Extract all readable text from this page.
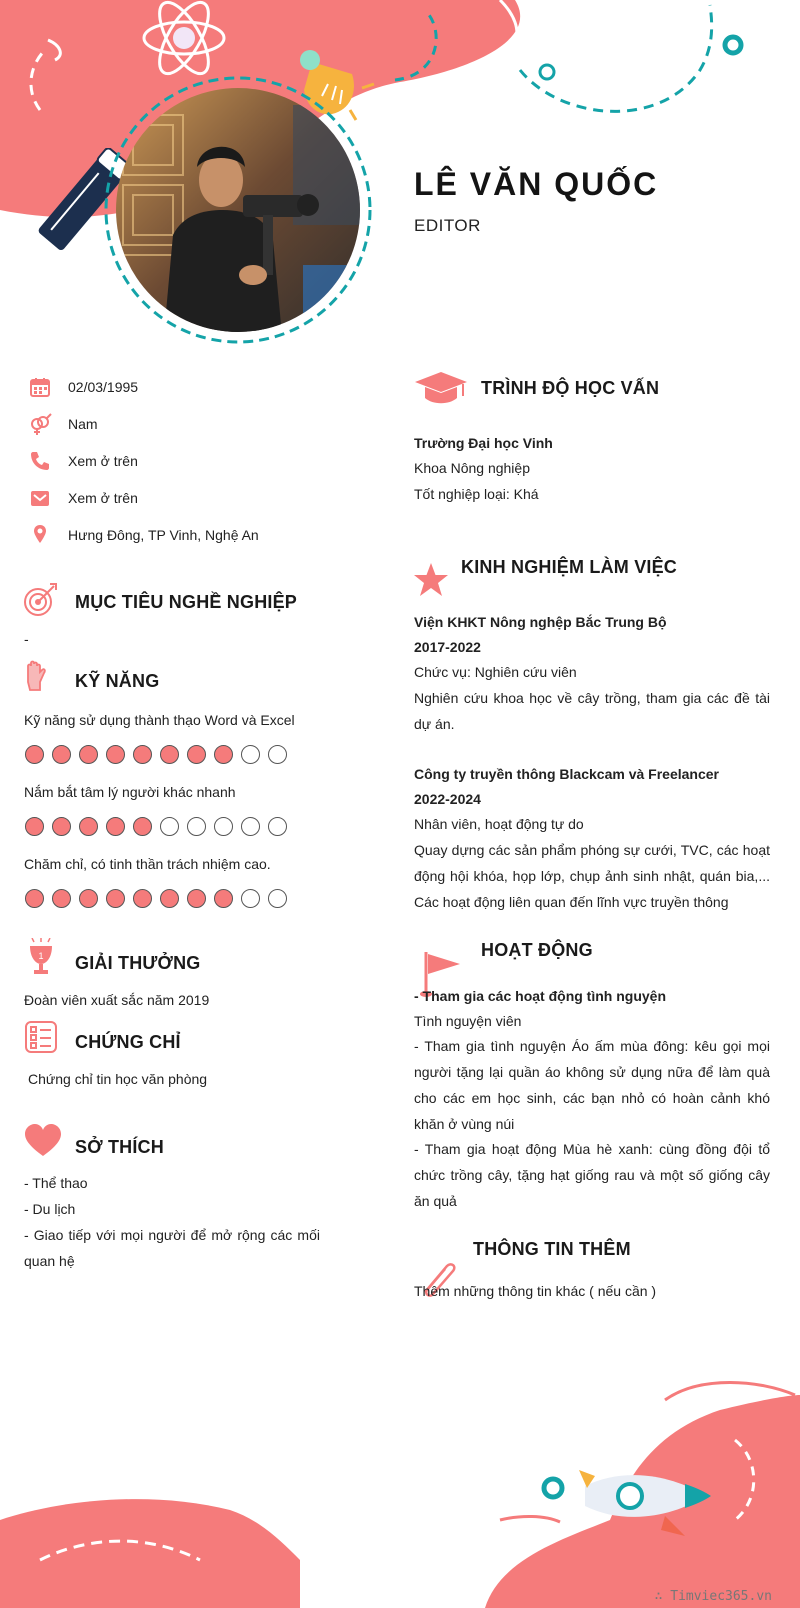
LÊ VĂN QUỐC
EDITOR
02/03/1995
Nam
Xem ở trên
Xem ở trên
Hưng Đông, TP Vinh, Nghệ An
MỤC TIÊU NGHỀ NGHIỆP
-
KỸ NĂNG
Kỹ năng sử dụng thành thạo Word và Excel
Nắm bắt tâm lý người khác nhanh
Chăm chỉ, có tinh thần trách nhiệm cao.
1 GIẢI THƯỞNG
Đoàn viên xuất sắc năm 2019
CHỨNG CHỈ
Chứng chỉ tin học văn phòng
SỞ THÍCH
- Thể thao
- Du lịch
- Giao tiếp với mọi người để mở rộng các mối quan hệ
TRÌNH ĐỘ HỌC VẤN
Trường Đại học Vinh
Khoa Nông nghiệp
Tốt nghiệp loại: Khá
KINH NGHIỆM LÀM VIỆC
Viện KHKT Nông nghệp Bắc Trung Bộ
2017-2022
Chức vụ: Nghiên cứu viên
Nghiên cứu khoa học về cây trồng, tham gia các đề tài dự án.
Công ty truyền thông Blackcam và Freelancer
2022-2024
Nhân viên, hoạt động tự do
Quay dựng các sản phẩm phóng sự cưới, TVC, các hoạt động hội khóa, họp lớp, chụp ảnh sinh nhật, quán bia,... Các hoạt động liên quan đến lĩnh vực truyền thông
HOẠT ĐỘNG
- Tham gia các hoạt động tình nguyện
Tình nguyện viên
- Tham gia tình nguyện Áo ấm mùa đông: kêu gọi mọi người tặng lại quần áo không sử dụng nữa để làm quà cho các em học sinh, các bạn nhỏ có hoàn cảnh khó khăn ở vùng núi
- Tham gia hoạt động Mùa hè xanh: cùng đồng đội tổ chức trồng cây, tặng hạt giống rau và một số giống cây ăn quả
THÔNG TIN THÊM
Thêm những thông tin khác ( nếu cần )
∴ Timviec365.vn
